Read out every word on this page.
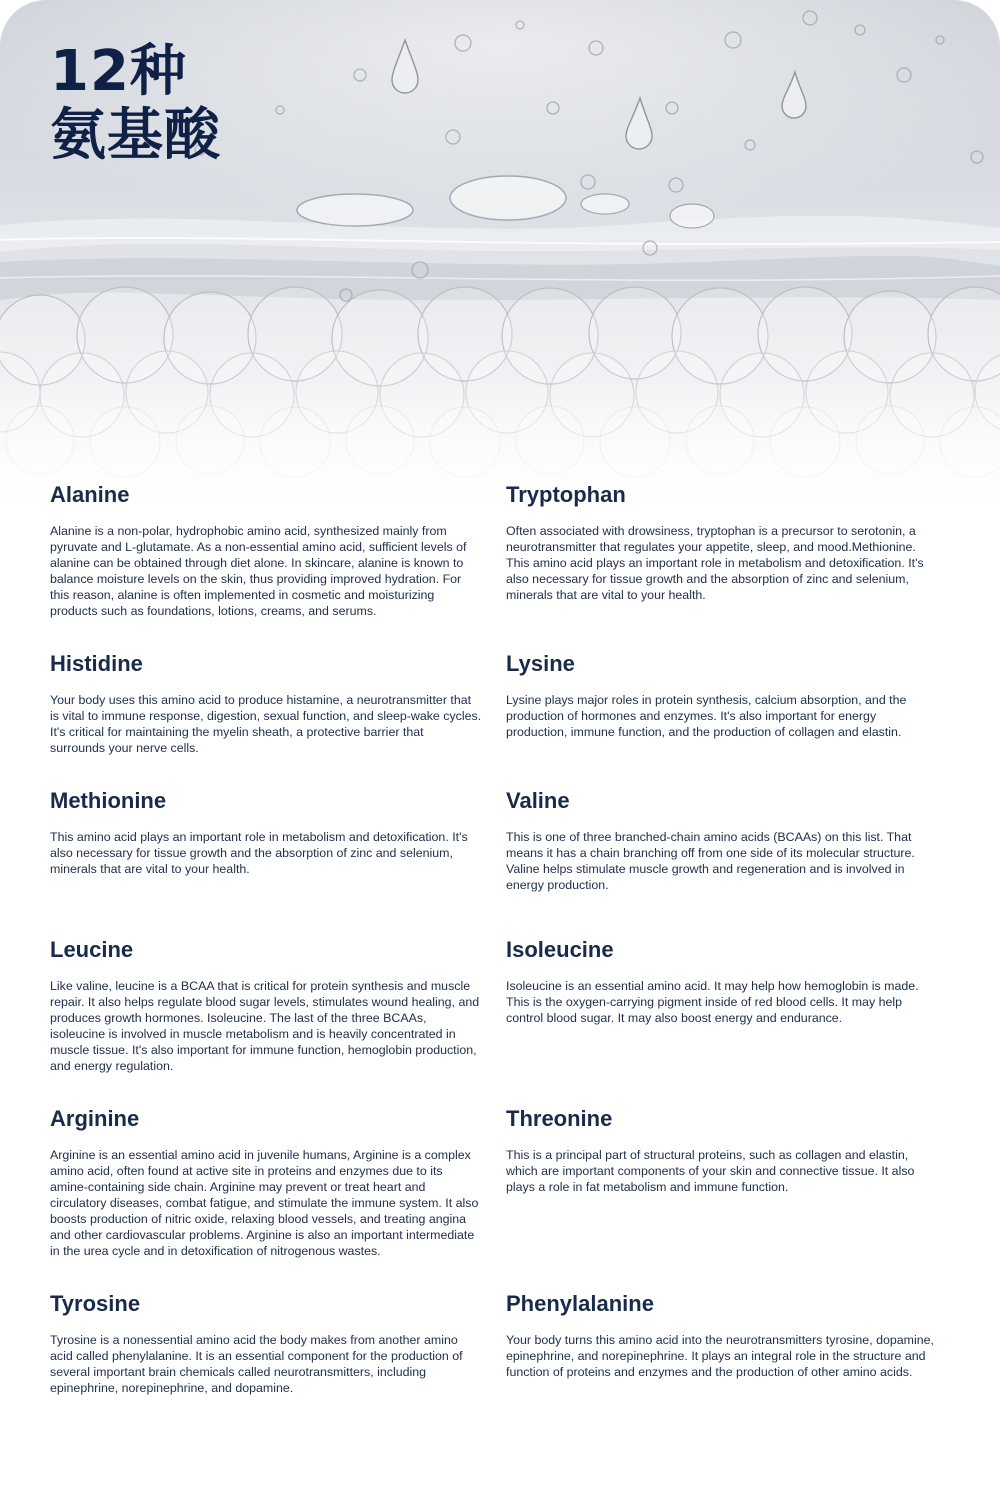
12种
氨基酸
Alanine

Alanine is a non-polar, hydrophobic amino acid, synthesized mainly from pyruvate and L-glutamate. As a non-essential amino acid, sufficient levels of alanine can be obtained through diet alone. In skincare, alanine is known to balance moisture levels on the skin, thus providing improved hydration. For this reason, alanine is often implemented in cosmetic and moisturizing products such as foundations, lotions, creams, and serums.

Tryptophan

Often associated with drowsiness, tryptophan is a precursor to serotonin, a neurotransmitter that regulates your appetite, sleep, and mood.Methionine. This amino acid plays an important role in metabolism and detoxification. It's also necessary for tissue growth and the absorption of zinc and selenium, minerals that are vital to your health.

Histidine

Your body uses this amino acid to produce histamine, a neurotransmitter that is vital to immune response, digestion, sexual function, and sleep-wake cycles. It's critical for maintaining the myelin sheath, a protective barrier that surrounds your nerve cells.

Lysine

Lysine plays major roles in protein synthesis, calcium absorption, and the production of hormones and enzymes. It's also important for energy production, immune function, and the production of collagen and elastin.

Methionine

This amino acid plays an important role in metabolism and detoxification. It's also necessary for tissue growth and the absorption of zinc and selenium, minerals that are vital to your health.

Valine

This is one of three branched-chain amino acids (BCAAs) on this list. That means it has a chain branching off from one side of its molecular structure. Valine helps stimulate muscle growth and regeneration and is involved in energy production.

Leucine

Like valine, leucine is a BCAA that is critical for protein synthesis and muscle repair. It also helps regulate blood sugar levels, stimulates wound healing, and produces growth hormones. Isoleucine. The last of the three BCAAs, isoleucine is involved in muscle metabolism and is heavily concentrated in muscle tissue. It's also important for immune function, hemoglobin production, and energy regulation.

Isoleucine

Isoleucine is an essential amino acid. It may help how hemoglobin is made. This is the oxygen-carrying pigment inside of red blood cells. It may help control blood sugar. It may also boost energy and endurance.

Arginine

Arginine is an essential amino acid in juvenile humans, Arginine is a complex amino acid, often found at active site in proteins and enzymes due to its amine-containing side chain. Arginine may prevent or treat heart and circulatory diseases, combat fatigue, and stimulate the immune system. It also boosts production of nitric oxide, relaxing blood vessels, and treating angina and other cardiovascular problems. Arginine is also an important intermediate in the urea cycle and in detoxification of nitrogenous wastes.

Threonine

This is a principal part of structural proteins, such as collagen and elastin, which are important components of your skin and connective tissue. It also plays a role in fat metabolism and immune function.

Tyrosine

Tyrosine is a nonessential amino acid the body makes from another amino acid called phenylalanine. It is an essential component for the production of several important brain chemicals called neurotransmitters, including epinephrine, norepinephrine, and dopamine.

Phenylalanine

Your body turns this amino acid into the neurotransmitters tyrosine, dopamine, epinephrine, and norepinephrine. It plays an integral role in the structure and function of proteins and enzymes and the production of other amino acids.
